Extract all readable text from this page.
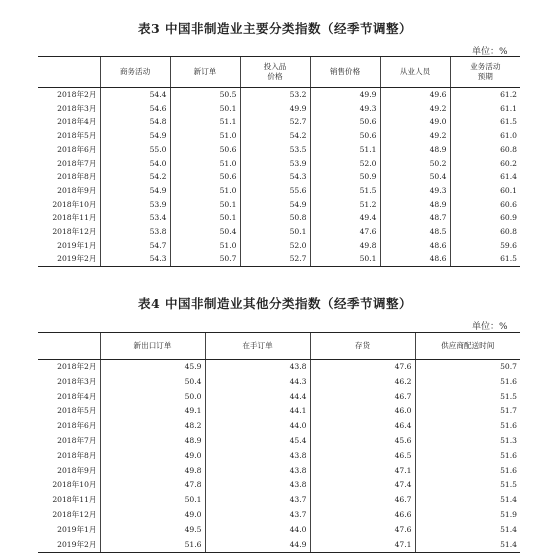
表3 中国非制造业主要分类指数（经季节调整）
单位：%
	商务活动	新订单	投入品
价格	销售价格	从业人员	业务活动
预期
2018年2月	54.4	50.5	53.2	49.9	49.6	61.2
2018年3月	54.6	50.1	49.9	49.3	49.2	61.1
2018年4月	54.8	51.1	52.7	50.6	49.0	61.5
2018年5月	54.9	51.0	54.2	50.6	49.2	61.0
2018年6月	55.0	50.6	53.5	51.1	48.9	60.8
2018年7月	54.0	51.0	53.9	52.0	50.2	60.2
2018年8月	54.2	50.6	54.3	50.9	50.4	61.4
2018年9月	54.9	51.0	55.6	51.5	49.3	60.1
2018年10月	53.9	50.1	54.9	51.2	48.9	60.6
2018年11月	53.4	50.1	50.8	49.4	48.7	60.9
2018年12月	53.8	50.4	50.1	47.6	48.5	60.8
2019年1月	54.7	51.0	52.0	49.8	48.6	59.6
2019年2月	54.3	50.7	52.7	50.1	48.6	61.5
表4 中国非制造业其他分类指数（经季节调整）
单位：%
	新出口订单	在手订单	存货	供应商配送时间
2018年2月	45.9	43.8	47.6	50.7
2018年3月	50.4	44.3	46.2	51.6
2018年4月	50.0	44.4	46.7	51.5
2018年5月	49.1	44.1	46.0	51.7
2018年6月	48.2	44.0	46.4	51.6
2018年7月	48.9	45.4	45.6	51.3
2018年8月	49.0	43.8	46.5	51.6
2018年9月	49.8	43.8	47.1	51.6
2018年10月	47.8	43.8	47.4	51.5
2018年11月	50.1	43.7	46.7	51.4
2018年12月	49.0	43.7	46.6	51.9
2019年1月	49.5	44.0	47.6	51.4
2019年2月	51.6	44.9	47.1	51.4
